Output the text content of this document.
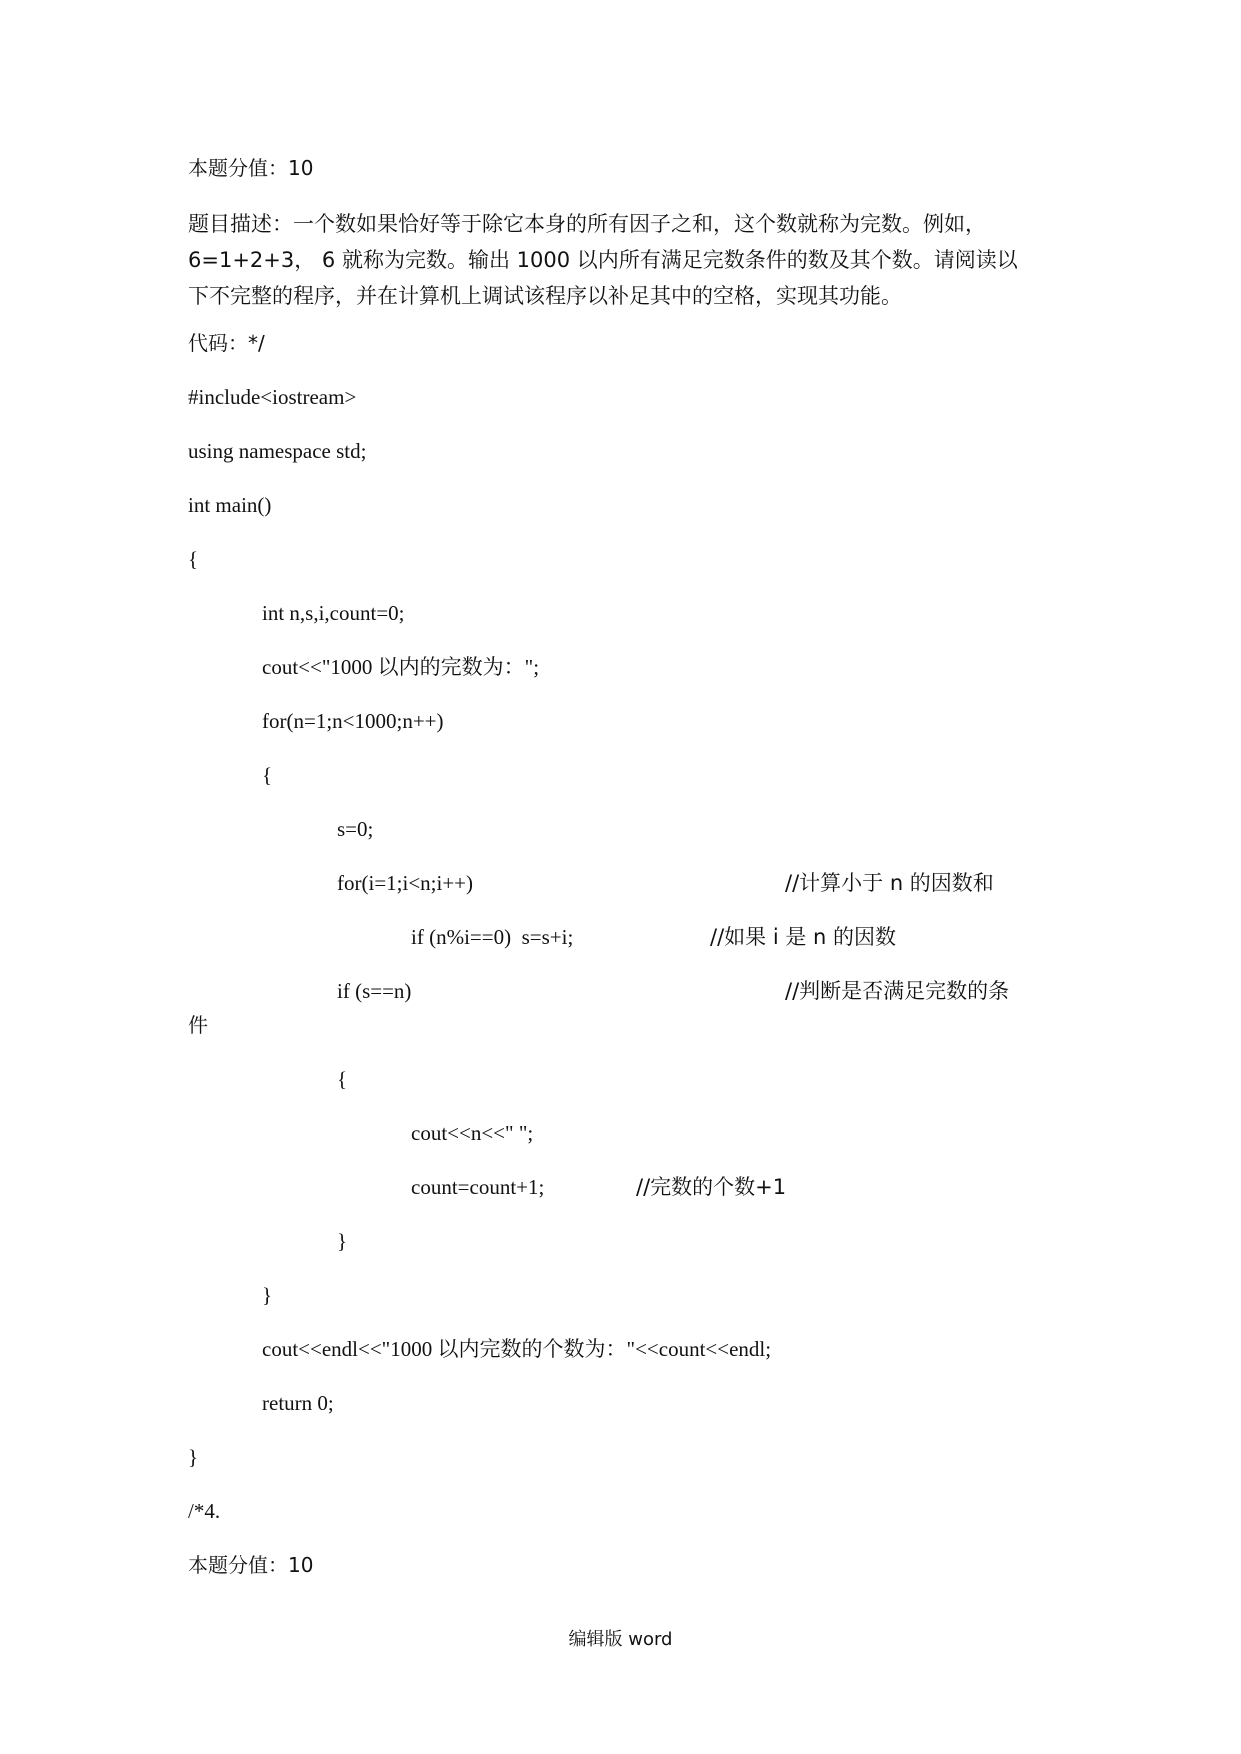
本题分值：10
题目描述：一个数如果恰好等于除它本身的所有因子之和，这个数就称为完数。例如，
6=1+2+3， 6 就称为完数。输出 1000 以内所有满足完数条件的数及其个数。请阅读以
下不完整的程序，并在计算机上调试该程序以补足其中的空格，实现其功能。
代码：*/
#include<iostream>
using namespace std;
int main()
{
int n,s,i,count=0;
cout<<"1000 以内的完数为：";
for(n=1;n<1000;n++)
{
s=0;
for(i=1;i<n;i++)	//计算小于 n 的因数和
if (n%i==0)  s=s+i;	//如果 i 是 n 的因数
if (s==n)	//判断是否满足完数的条
件
{
cout<<n<<" ";
count=count+1;	//完数的个数+1
}
}
cout<<endl<<"1000 以内完数的个数为："<<count<<endl;
return 0;
}
/*4.
本题分值：10
编辑版 word
